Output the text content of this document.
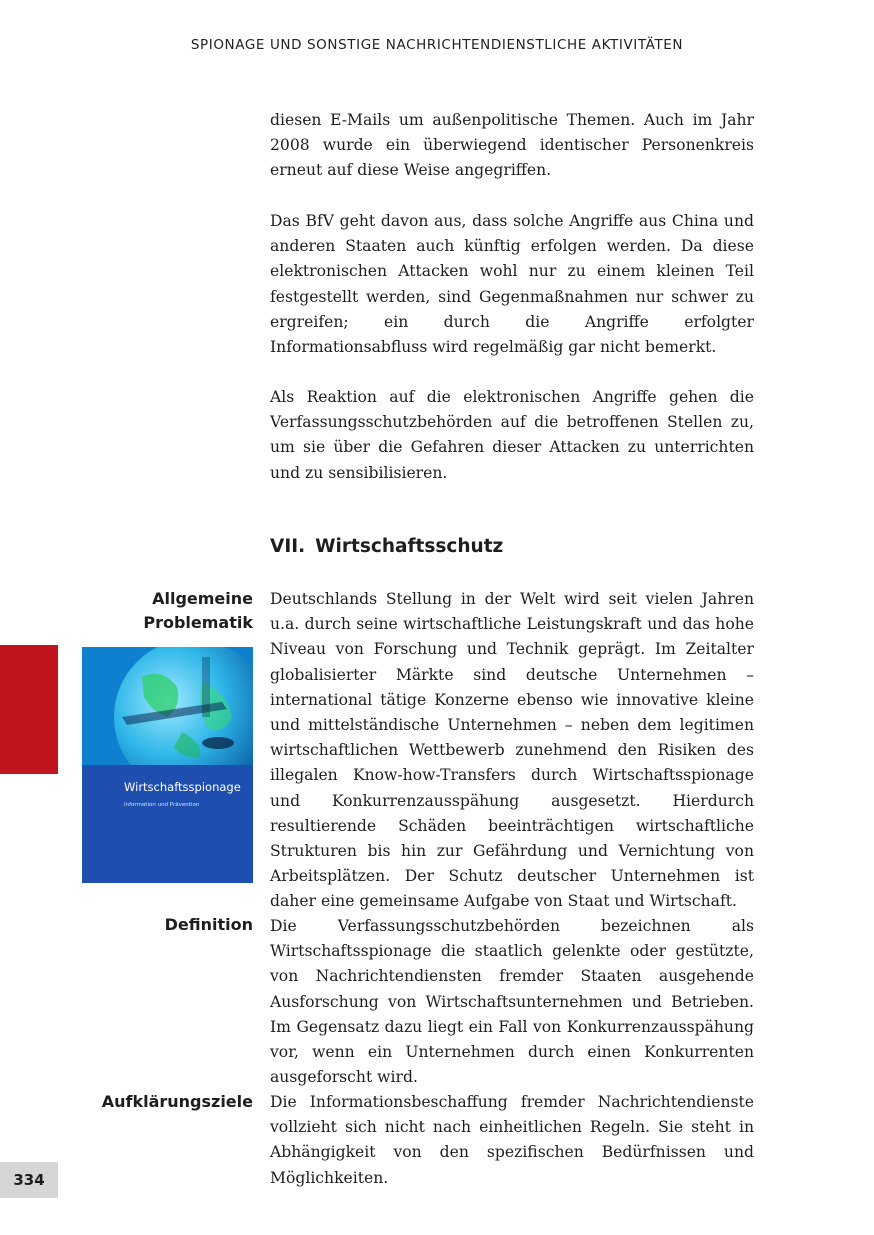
SPIONAGE UND SONSTIGE NACHRICHTENDIENSTLICHE AKTIVITÄTEN

diesen E-Mails um außenpolitische Themen. Auch im Jahr 2008 wurde ein überwiegend identischer Personenkreis erneut auf diese Weise angegriffen.

Das BfV geht davon aus, dass solche Angriffe aus China und anderen Staaten auch künftig erfolgen werden. Da diese elektronischen Attacken wohl nur zu einem kleinen Teil festgestellt werden, sind Gegenmaßnahmen nur schwer zu ergreifen; ein durch die Angriffe erfolgter Informationsabfluss wird regelmäßig gar nicht bemerkt.

Als Reaktion auf die elektronischen Angriffe gehen die Verfassungsschutzbehörden auf die betroffenen Stellen zu, um sie über die Gefahren dieser Attacken zu unterrichten und zu sensibilisieren.

VII. Wirtschaftsschutz
Allgemeine
Problematik

Deutschlands Stellung in der Welt wird seit vielen Jahren u.a. durch seine wirtschaftliche Leistungskraft und das hohe Niveau von Forschung und Technik geprägt. Im Zeitalter globalisierter Märkte sind deutsche Unternehmen – international tätige Konzerne ebenso wie innovative kleine und mittelständische Unternehmen – neben dem legitimen wirtschaftlichen Wettbewerb zunehmend den Risiken des illegalen Know-how-Transfers durch Wirtschaftsspionage und Konkurrenzausspähung ausgesetzt. Hierdurch resultierende Schäden beeinträchtigen wirtschaftliche Strukturen bis hin zur Gefährdung und Vernichtung von Arbeitsplätzen. Der Schutz deutscher Unternehmen ist daher eine gemeinsame Aufgabe von Staat und Wirtschaft.

Wirtschaftsspionage
Information und Prävention
Definition Die Verfassungsschutzbehörden bezeichnen als Wirtschaftsspionage die staatlich gelenkte oder gestützte, von Nachrichtendiensten fremder Staaten ausgehende Ausforschung von Wirtschaftsunternehmen und Betrieben. Im Gegensatz dazu liegt ein Fall von Konkurrenzausspähung vor, wenn ein Unternehmen durch einen Konkurrenten ausgeforscht wird.

Aufklärungsziele Die Informationsbeschaffung fremder Nachrichtendienste vollzieht sich nicht nach einheitlichen Regeln. Sie steht in Abhängigkeit von den spezifischen Bedürfnissen und Möglichkeiten.

334
